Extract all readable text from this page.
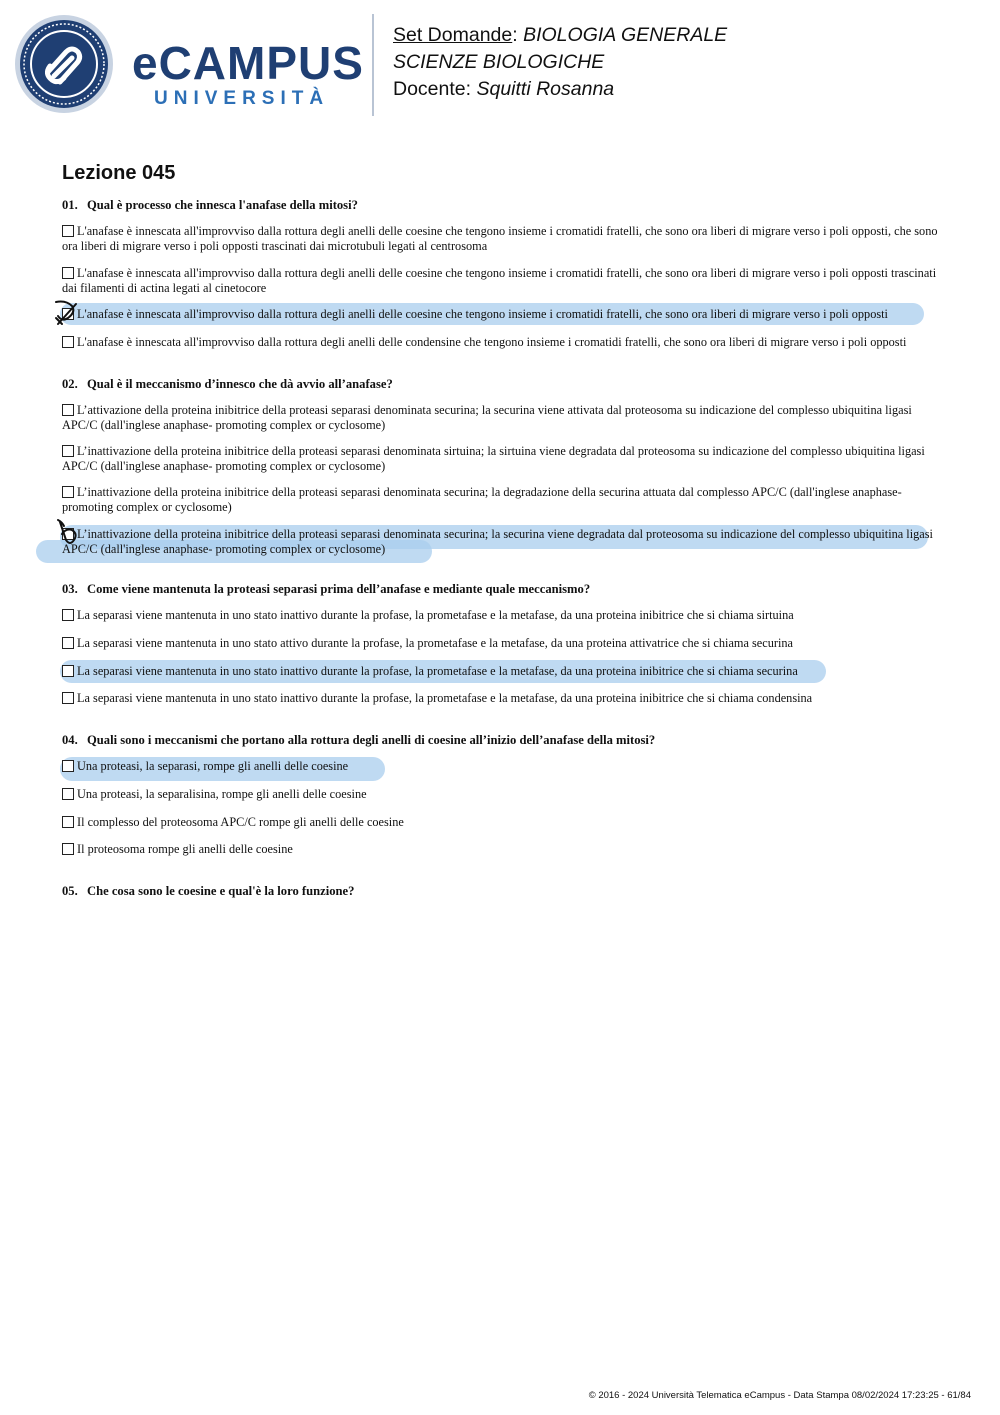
eCAMPUS
UNIVERSITÀ
Set Domande: BIOLOGIA GENERALE
SCIENZE BIOLOGICHE
Docente: Squitti Rosanna
Lezione 045
01. Qual è processo che innesca l'anafase della mitosi?
L'anafase è innescata all'improvviso dalla rottura degli anelli delle coesine che tengono insieme i cromatidi fratelli, che sono ora liberi di migrare verso i poli opposti, che sono ora liberi di migrare verso i poli opposti trascinati dai microtubuli legati al centrosoma
L'anafase è innescata all'improvviso dalla rottura degli anelli delle coesine che tengono insieme i cromatidi fratelli, che sono ora liberi di migrare verso i poli opposti trascinati dai filamenti di actina legati al cinetocore
L'anafase è innescata all'improvviso dalla rottura degli anelli delle coesine che tengono insieme i cromatidi fratelli, che sono ora liberi di migrare verso i poli opposti
L'anafase è innescata all'improvviso dalla rottura degli anelli delle condensine che tengono insieme i cromatidi fratelli, che sono ora liberi di migrare verso i poli opposti
02. Qual è il meccanismo d’innesco che dà avvio all’anafase?
L’attivazione della proteina inibitrice della proteasi separasi denominata securina; la securina viene attivata dal proteosoma su indicazione del complesso ubiquitina ligasi APC/C (dall'inglese anaphase- promoting complex or cyclosome)
L’inattivazione della proteina inibitrice della proteasi separasi denominata sirtuina; la sirtuina viene degradata dal proteosoma su indicazione del complesso ubiquitina ligasi APC/C (dall'inglese anaphase- promoting complex or cyclosome)
L’inattivazione della proteina inibitrice della proteasi separasi denominata securina; la degradazione della securina attuata dal complesso APC/C (dall'inglese anaphase-promoting complex or cyclosome)
L’inattivazione della proteina inibitrice della proteasi separasi denominata securina; la securina viene degradata dal proteosoma su indicazione del complesso ubiquitina ligasi APC/C (dall'inglese anaphase- promoting complex or cyclosome)
03. Come viene mantenuta la proteasi separasi prima dell’anafase e mediante quale meccanismo?
La separasi viene mantenuta in uno stato inattivo durante la profase, la prometafase e la metafase, da una proteina inibitrice che si chiama sirtuina
La separasi viene mantenuta in uno stato attivo durante la profase, la prometafase e la metafase, da una proteina attivatrice che si chiama securina
La separasi viene mantenuta in uno stato inattivo durante la profase, la prometafase e la metafase, da una proteina inibitrice che si chiama securina
La separasi viene mantenuta in uno stato inattivo durante la profase, la prometafase e la metafase, da una proteina inibitrice che si chiama condensina
04. Quali sono i meccanismi che portano alla rottura degli anelli di coesine all’inizio dell’anafase della mitosi?
Una proteasi, la separasi, rompe gli anelli delle coesine
Una proteasi, la separalisina, rompe gli anelli delle coesine
Il complesso del proteosoma APC/C rompe gli anelli delle coesine
Il proteosoma rompe gli anelli delle coesine
05. Che cosa sono le coesine e qual'è la loro funzione?
© 2016 - 2024 Università Telematica eCampus - Data Stampa 08/02/2024 17:23:25 - 61/84
